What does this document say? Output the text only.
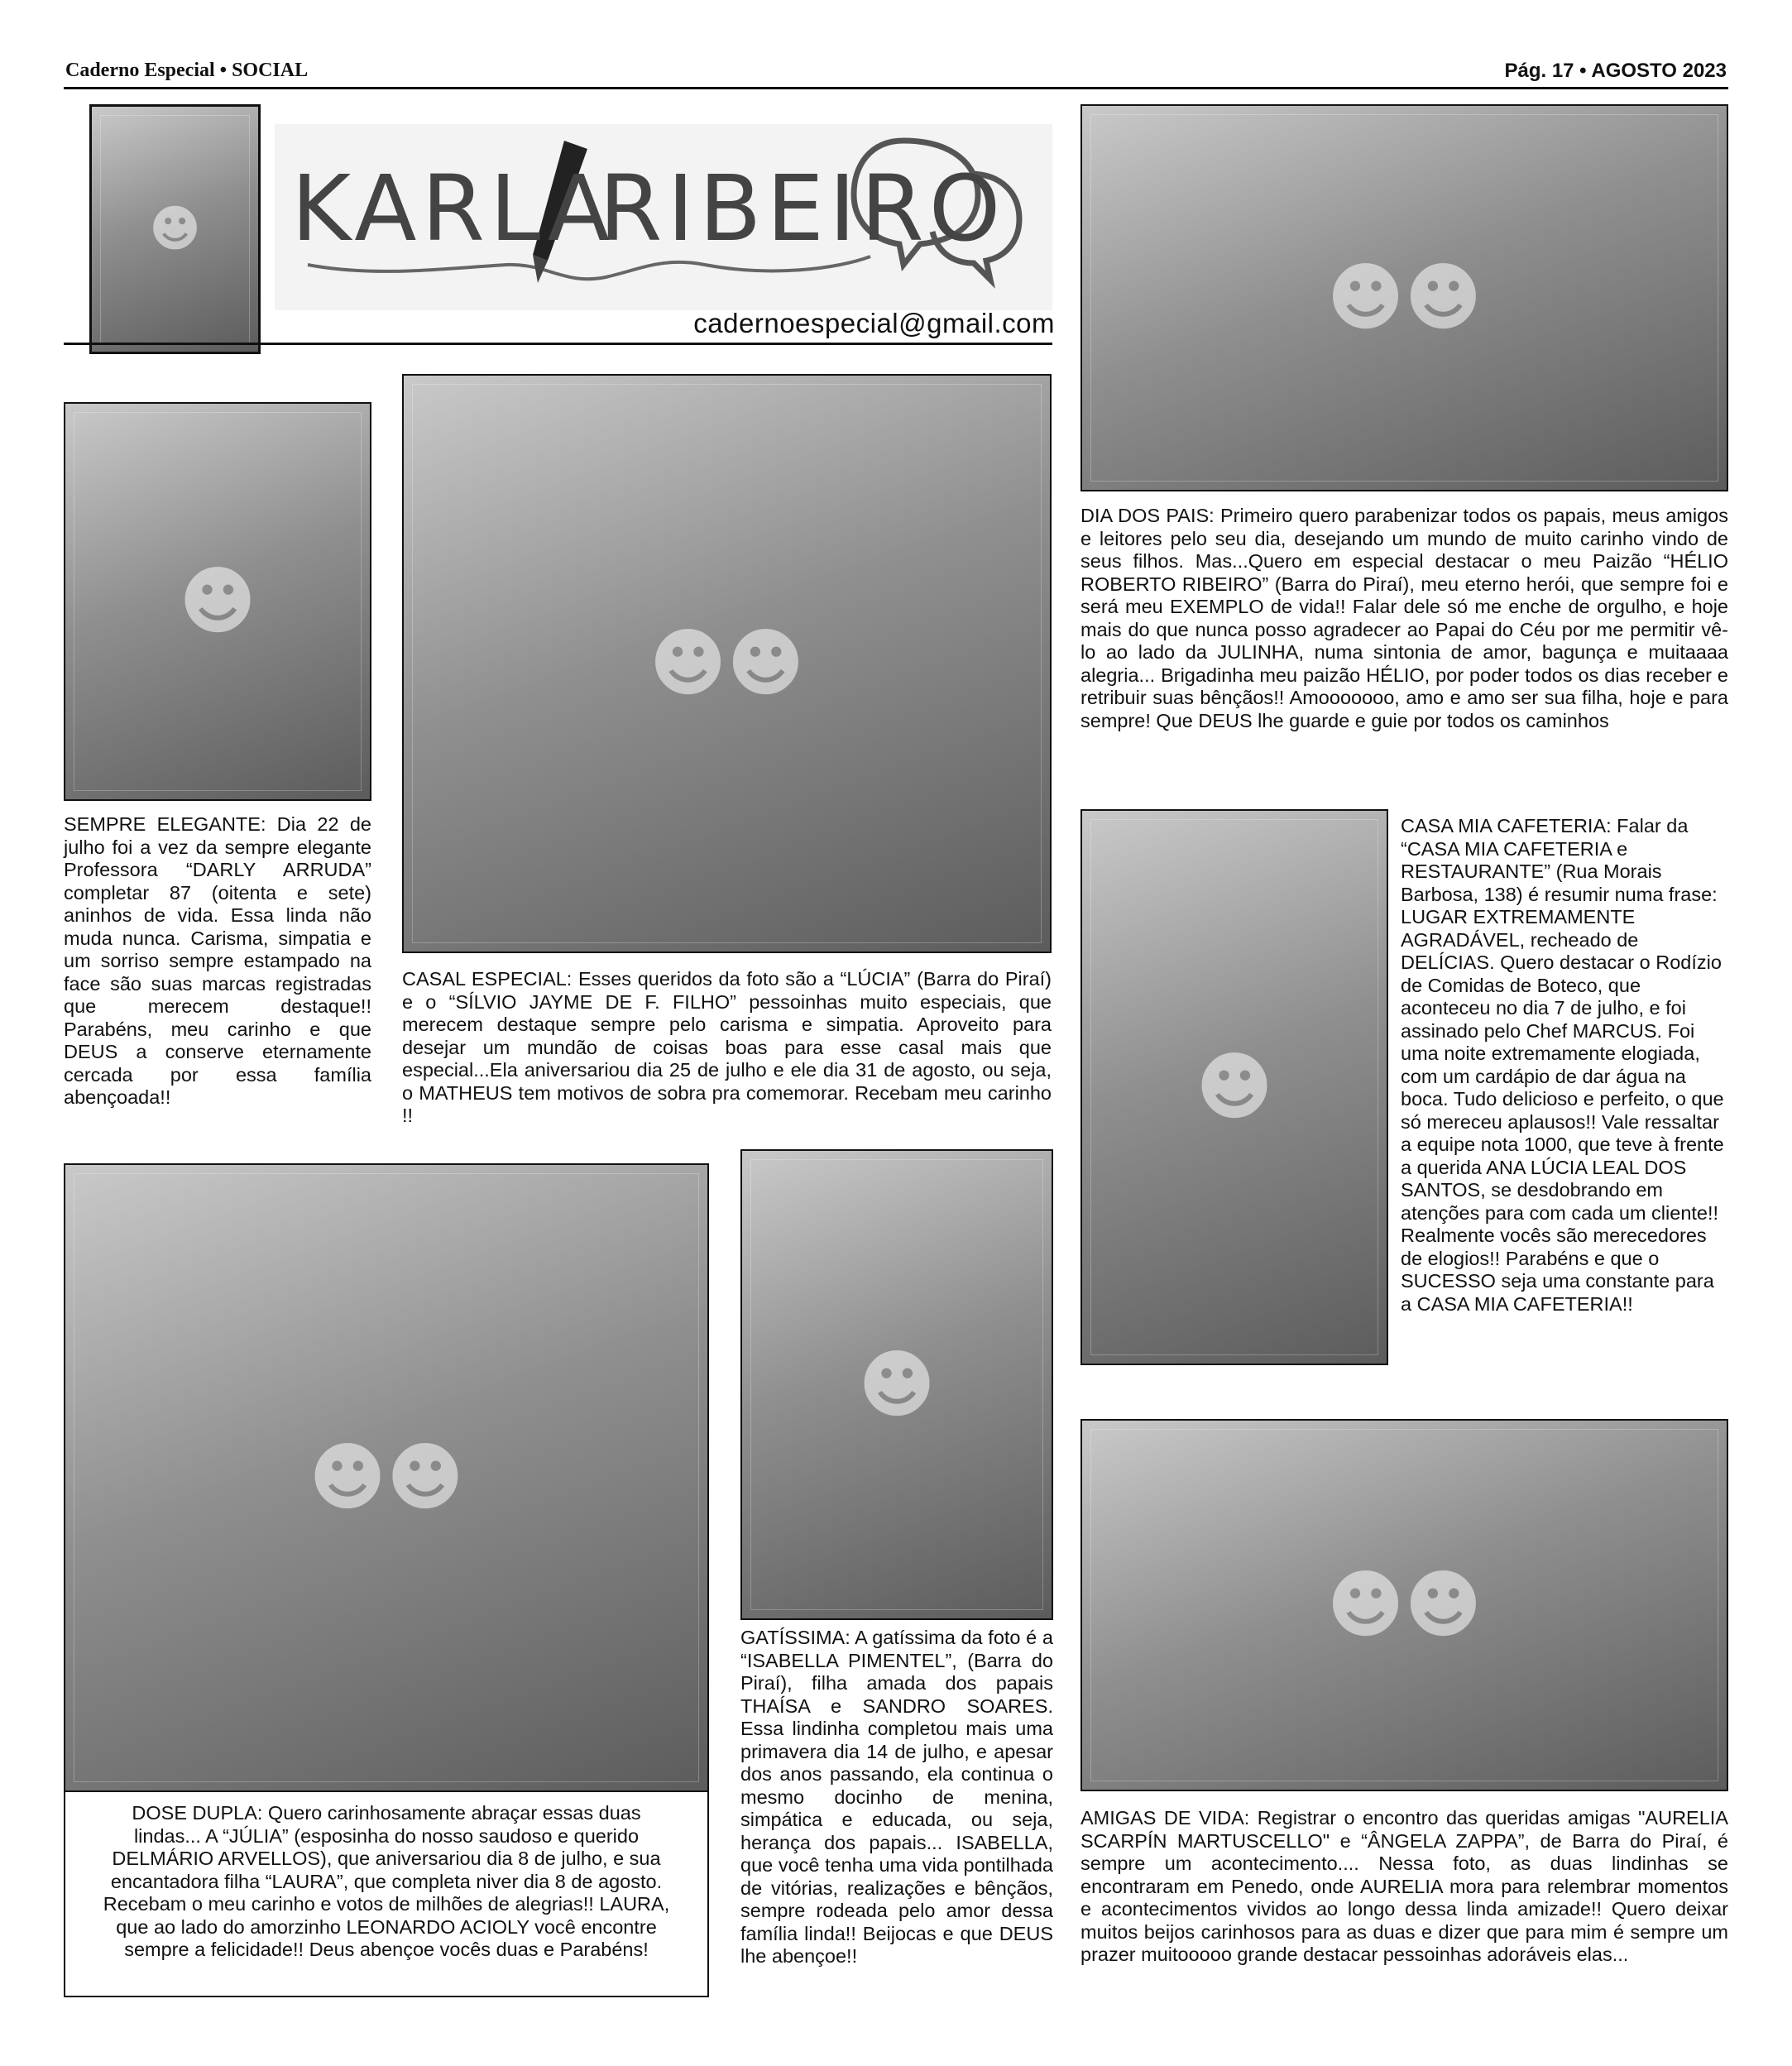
Caderno Especial • SOCIAL	Pág. 17 • AGOSTO 2023
☻ KARLA
RIBEIRO
cadernoespecial@gmail.com
☻
SEMPRE ELEGANTE: Dia 22 de julho foi a vez da sempre elegante Professora “DARLY ARRUDA” completar 87 (oitenta e sete) aninhos de vida. Essa linda não muda nunca. Carisma, simpatia e um sorriso sempre estampado na face são suas marcas registradas que merecem destaque!! Parabéns, meu carinho e que DEUS a conserve eternamente cercada por essa família abençoada!!
☻☻
CASAL ESPECIAL: Esses queridos da foto são a “LÚCIA” (Barra do Piraí) e o “SÍLVIO JAYME DE F. FILHO” pessoinhas muito especiais, que merecem destaque sempre pelo carisma e simpatia. Aproveito para desejar um mundão de coisas boas para esse casal mais que especial...Ela aniversariou dia 25 de julho e ele dia 31 de agosto, ou seja, o MATHEUS tem motivos de sobra pra comemorar. Recebam meu carinho !!
☻☻
DIA DOS PAIS: Primeiro quero parabenizar todos os papais, meus amigos e leitores pelo seu dia, desejando um mundo de muito carinho vindo de seus filhos. Mas...Quero em especial destacar o meu Paizão “HÉLIO ROBERTO RIBEIRO” (Barra do Piraí), meu eterno herói, que sempre foi e será meu EXEMPLO de vida!! Falar dele só me enche de orgulho, e hoje mais do que nunca posso agradecer ao Papai do Céu por me permitir vê-lo ao lado da JULINHA, numa sintonia de amor, bagunça e muitaaaa alegria... Brigadinha meu paizão HÉLIO, por poder todos os dias receber e retribuir suas bênçãos!! Amooooooo, amo e amo ser sua filha, hoje e para sempre! Que DEUS lhe guarde e guie por todos os caminhos
☻
CASA MIA CAFETERIA: Falar da “CASA MIA CAFETERIA e RESTAURANTE” (Rua Morais Barbosa, 138) é resumir numa frase: LUGAR EXTREMAMENTE AGRADÁVEL, recheado de DELÍCIAS. Quero destacar o Rodízio de Comidas de Boteco, que aconteceu no dia 7 de julho, e foi assinado pelo Chef MARCUS. Foi uma noite extremamente elogiada, com um cardápio de dar água na boca. Tudo delicioso e perfeito, o que só mereceu aplausos!! Vale ressaltar a equipe nota 1000, que teve à frente a querida ANA LÚCIA LEAL DOS SANTOS, se desdobrando em atenções para com cada um cliente!! Realmente vocês são merecedores de elogios!! Parabéns e que o SUCESSO seja uma constante para a CASA MIA CAFETERIA!!
☻☻
DOSE DUPLA: Quero carinhosamente abraçar essas duas lindas... A “JÚLIA” (esposinha do nosso saudoso e querido DELMÁRIO ARVELLOS), que aniversariou dia 8 de julho, e sua encantadora filha “LAURA”, que completa niver dia 8 de agosto. Recebam o meu carinho e votos de milhões de alegrias!! LAURA, que ao lado do amorzinho LEONARDO ACIOLY você encontre sempre a felicidade!! Deus abençoe vocês duas e Parabéns!
☻
GATÍSSIMA: A gatíssima da foto é a “ISABELLA PIMENTEL”, (Barra do Piraí), filha amada dos papais THAÍSA e SANDRO SOARES. Essa lindinha completou mais uma primavera dia 14 de julho, e apesar dos anos passando, ela continua o mesmo docinho de menina, simpática e educada, ou seja, herança dos papais... ISABELLA, que você tenha uma vida pontilhada de vitórias, realizações e bênçãos, sempre rodeada pelo amor dessa família linda!! Beijocas e que DEUS lhe abençoe!!
☻☻
AMIGAS DE VIDA: Registrar o encontro das queridas amigas "AURELIA SCARPÍN MARTUSCELLO" e “ÂNGELA ZAPPA”, de Barra do Piraí, é sempre um acontecimento.... Nessa foto, as duas lindinhas se encontraram em Penedo, onde AURELIA mora para relembrar momentos e acontecimentos vividos ao longo dessa linda amizade!! Quero deixar muitos beijos carinhosos para as duas e dizer que para mim é sempre um prazer muitooooo grande destacar pessoinhas adoráveis elas...
